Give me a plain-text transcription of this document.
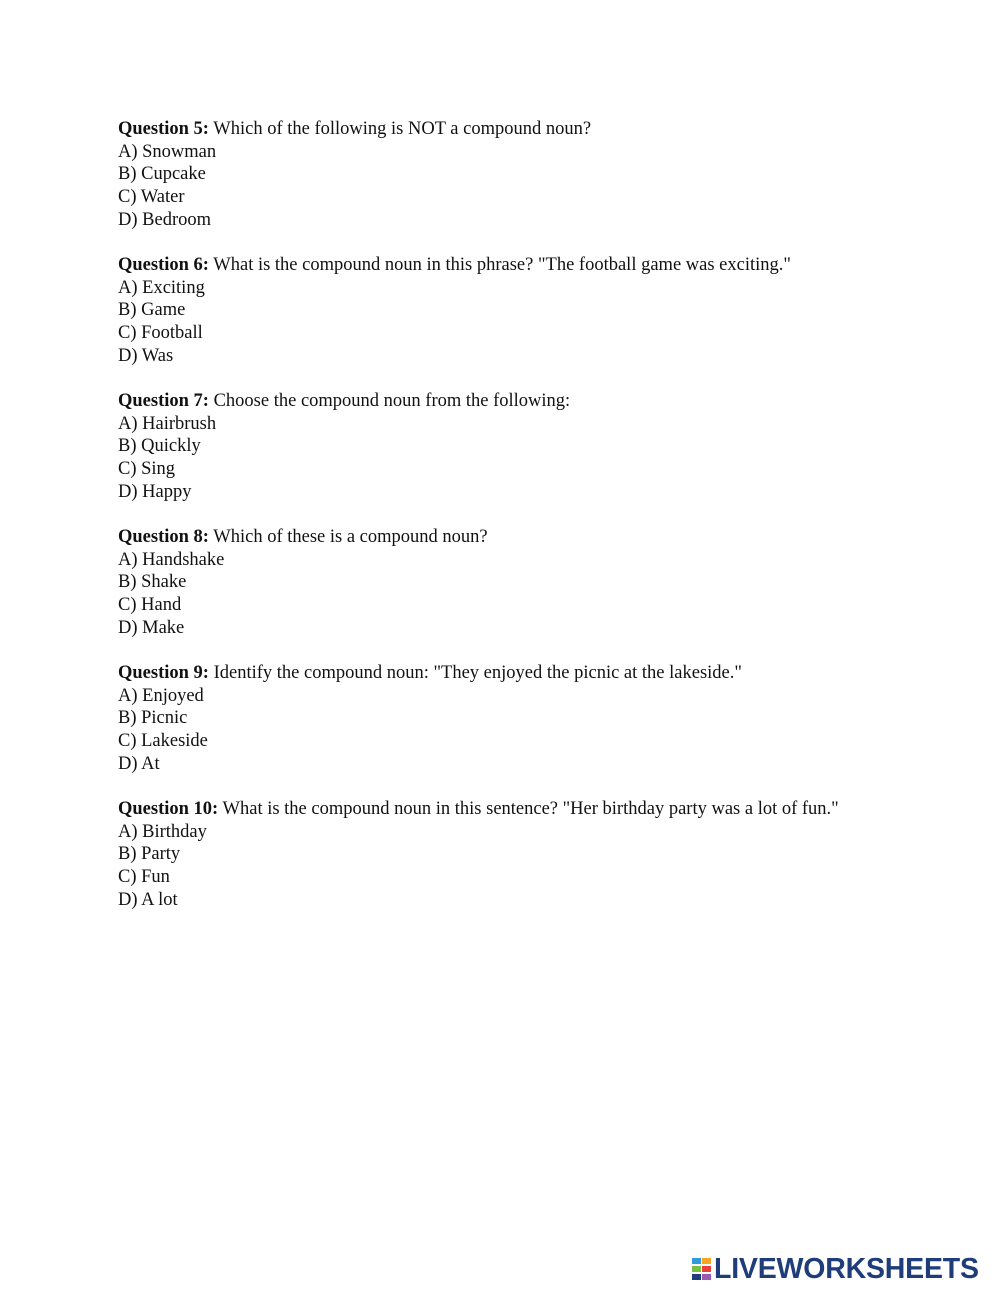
Question 5: Which of the following is NOT a compound noun?
A) Snowman
B) Cupcake
C) Water
D) Bedroom
Question 6: What is the compound noun in this phrase? "The football game was exciting."
A) Exciting
B) Game
C) Football
D) Was
Question 7: Choose the compound noun from the following:
A) Hairbrush
B) Quickly
C) Sing
D) Happy
Question 8: Which of these is a compound noun?
A) Handshake
B) Shake
C) Hand
D) Make
Question 9: Identify the compound noun: "They enjoyed the picnic at the lakeside."
A) Enjoyed
B) Picnic
C) Lakeside
D) At
Question 10: What is the compound noun in this sentence? "Her birthday party was a lot of fun."
A) Birthday
B) Party
C) Fun
D) A lot
LIVEWORKSHEETS
